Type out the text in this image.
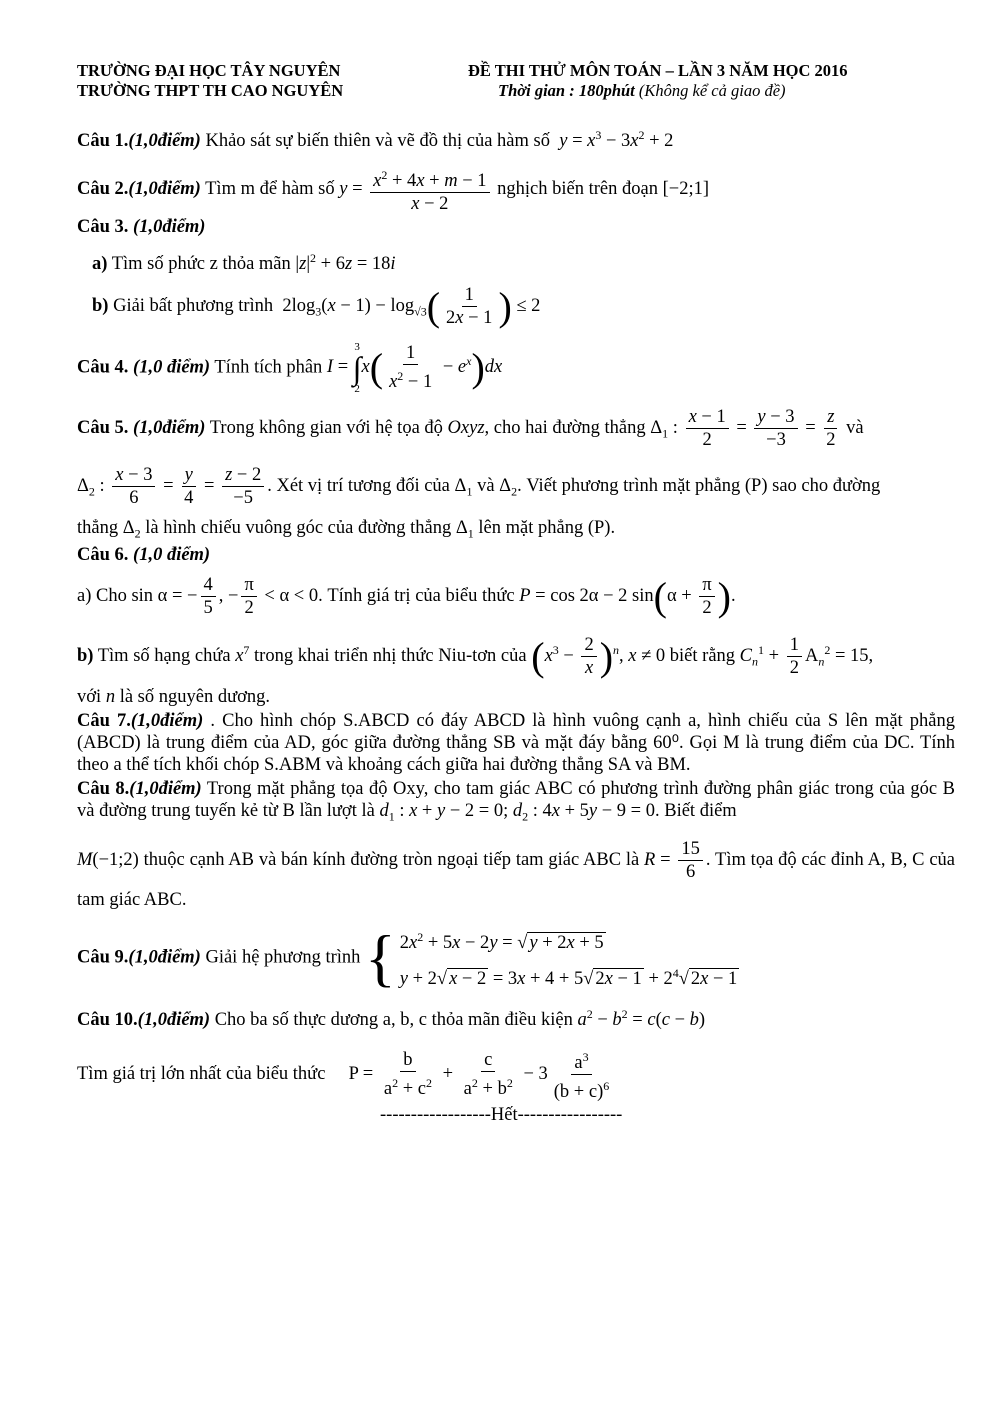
TRƯỜNG ĐẠI HỌC TÂY NGUYÊN
TRƯỜNG THPT TH CAO NGUYÊN
ĐỀ THI THỬ MÔN TOÁN – LẦN 3 NĂM HỌC 2016
Thời gian : 180phút (Không kể cả giao đề)
Câu 1.(1,0điểm) Khảo sát sự biến thiên và vẽ đồ thị của hàm số  $y = x^3 - 3x^2 + 2$
Câu 2.(1,0điểm) Tìm m để hàm số $y = \frac{x^2 + 4x + m - 1}{x - 2}$ nghịch biến trên đoạn [−2;1]
Câu 3. (1,0điểm)
a) Tìm số phức z thỏa mãn $|z|^2 + 6z = 18i$
b) Giải bất phương trình  $2\log_3(x - 1) - \log_{√3}( \frac{1}{2x - 1}$ ) ≤ 2
Câu 4. (1,0 điểm) Tính tích phân I =
3
∫
2
$x( \frac{1}{x^2 - 1} - e^x)dx$
Câu 5. (1,0điểm) Trong không gian với hệ tọa độ Oxyz, cho hai đường thẳng $\Delta_1$ : $\frac{x - 1}{2} = \frac{y - 3}{-3} = \frac{z}{2}$ và
$\Delta_2$ : $\frac{x - 3}{6} = \frac{y}{4} = \frac{z - 2}{-5}$ . Xét vị trí tương đối của $\Delta_1$ và $\Delta_2$. Viết phương trình mặt phẳng (P) sao cho đường
thẳng $\Delta_2$ là hình chiếu vuông góc của đường thẳng $\Delta_1$ lên mặt phẳng (P).
Câu 6. (1,0 điểm)
a) Cho sin α = − $\frac{4}{5}$ , − $\frac{\pi}{2} < \alpha < 0$. Tính giá trị của biểu thức P = cos 2α − 2 $\sin(\alpha + \frac{\pi}{2}$ ).
b) Tìm số hạng chứa $x^7$ trong khai triển nhị thức Niu-tơn của $(x^3 - \frac{2}{x} )^n$, x ≠ 0 biết rằng $C_n^1 + \frac{1}{2} A_n^2 = 15$,
với n là số nguyên dương.
Câu 7.(1,0điểm) . Cho hình chóp S.ABCD có đáy ABCD là hình vuông cạnh a, hình chiếu của S lên mặt phẳng (ABCD) là trung điểm của AD, góc giữa đường thẳng SB và mặt đáy bằng 60⁰. Gọi M là trung điểm của DC. Tính theo a thể tích khối chóp S.ABM và khoảng cách giữa hai đường thẳng SA và BM.
Câu 8.(1,0điểm) Trong mặt phẳng tọa độ Oxy, cho tam giác ABC có phương trình đường phân giác trong của góc B và đường trung tuyến kẻ từ B lần lượt là $d_1$ : x + y − 2 = 0; $d_2$ : 4x + 5y − 9 = 0. Biết điểm
M(−1;2) thuộc cạnh AB và bán kính đường tròn ngoại tiếp tam giác ABC là $R = \frac{15}{6}$ . Tìm tọa độ các đỉnh A, B, C của tam giác ABC.
Câu 9.(1,0điểm) Giải hệ phương trình { $2x^2 + 5x - 2y$ = √ y + 2x + 5
y + 2√ x − 2 = 3x + 4 + 5√ $2x - 1 + 2^4√$ 2x − 1
Câu 10.(1,0điểm) Cho ba số thực dương a, b, c thỏa mãn điều kiện $a^2 - b^2 = c(c - b)$
Tìm giá trị lớn nhất của biểu thức     $P = \frac{b}{a^2 + c^2} + \frac{c}{a^2 + b^2} - 3 \frac{a^3}{(b + c)^6}$
------------------Hết-----------------
